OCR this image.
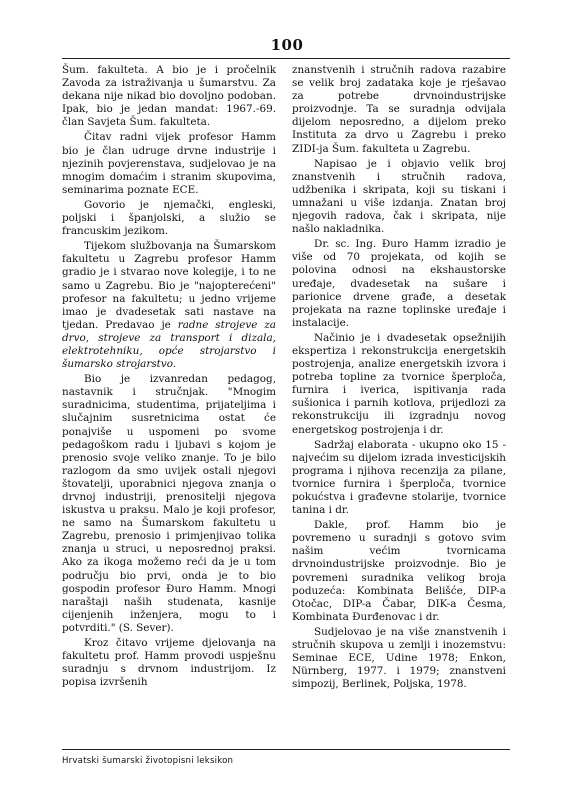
100

Šum. fakulteta. A bio je i pročelnik Zavoda za istraživanja u šumarstvu. Za dekana nije nikad bio dovoljno podoban. Ipak, bio je jedan mandat: 1967.-69. član Savjeta Šum. fakulteta.

Čitav radni vijek profesor Hamm bio je član udruge drvne industrije i njezinih povjerenstava, sudjelovao je na mnogim domaćim i stranim skupovima, seminarima poznate ECE.

Govorio je njemački, engleski, poljski i španjolski, a služio se francuskim jezikom.

Tijekom službovanja na Šumarskom fakultetu u Zagrebu profesor Hamm gradio je i stvarao nove kolegije, i to ne samo u Zagrebu. Bio je "najopterećeni" profesor na fakultetu; u jedno vrijeme imao je dvadesetak sati nastave na tjedan. Predavao je radne strojeve za drvo, strojeve za transport i dizala, elektrotehniku, opće strojarstvo i šumarsko strojarstvo.

Bio je izvanredan pedagog, nastavnik i stručnjak. "Mnogim suradnicima, studentima, prijateljima i slučajnim susretnicima ostat će ponajviše u uspomeni po svome pedagoškom radu i ljubavi s kojom je prenosio svoje veliko znanje. To je bilo razlogom da smo uvijek ostali njegovi štovatelji, uporabnici njegova znanja o drvnoj industriji, prenositelji njegova iskustva u praksu. Malo je koji profesor, ne samo na Šumarskom fakultetu u Zagrebu, prenosio i primjenjivao tolika znanja u struci, u neposrednoj praksi. Ako za ikoga možemo reći da je u tom području bio prvi, onda je to bio gospodin profesor Đuro Hamm. Mnogi naraštaji naših studenata, kasnije cijenjenih inženjera, mogu to i potvrditi." (S. Sever).

Kroz čitavo vrijeme djelovanja na fakultetu prof. Hamm provodi uspješnu suradnju s drvnom industrijom. Iz popisa izvršenih

znanstvenih i stručnih radova razabire se velik broj zadataka koje je rješavao za potrebe drvnoindustrijske proizvodnje. Ta se suradnja odvijala dijelom neposredno, a dijelom preko Instituta za drvo u Zagrebu i preko ZIDI-ja Šum. fakulteta u Zagrebu.

Napisao je i objavio velik broj znanstvenih i stručnih radova, udžbenika i skripata, koji su tiskani i umnažani u više izdanja. Znatan broj njegovih radova, čak i skripata, nije našlo nakladnika.

Dr. sc. Ing. Đuro Hamm izradio je više od 70 projekata, od kojih se polovina odnosi na ekshaustorske uređaje, dvadesetak na sušare i parionice drvene građe, a desetak projekata na razne toplinske uređaje i instalacije.

Načinio je i dvadesetak opsežnijih ekspertiza i rekonstrukcija energetskih postrojenja, analize energetskih izvora i potreba topline za tvornice šperploča, furnira i iverica, ispitivanja rada sušionica i parnih kotlova, prijedlozi za rekonstrukciju ili izgradnju novog energetskog postrojenja i dr.

Sadržaj elaborata - ukupno oko 15 - najvećim su dijelom izrada investicijskih programa i njihova recenzija za pilane, tvornice furnira i šperploča, tvornice pokućstva i građevne stolarije, tvornice tanina i dr.

Dakle, prof. Hamm bio je povremeno u suradnji s gotovo svim našim većim tvornicama drvnoindustrijske proizvodnje. Bio je povremeni suradnika velikog broja poduzeća: Kombinata Belišće, DIP-a Otočac, DIP-a Čabar, DIK-a Česma, Kombinata Đurđenovac i dr.

Sudjelovao je na više znanstvenih i stručnih skupova u zemlji i inozemstvu: Seminae ECE, Udine 1978; Enkon, Nürnberg, 1977. i 1979; znanstveni simpozij, Berlinek, Poljska, 1978.

Hrvatski šumarski životopisni leksikon
